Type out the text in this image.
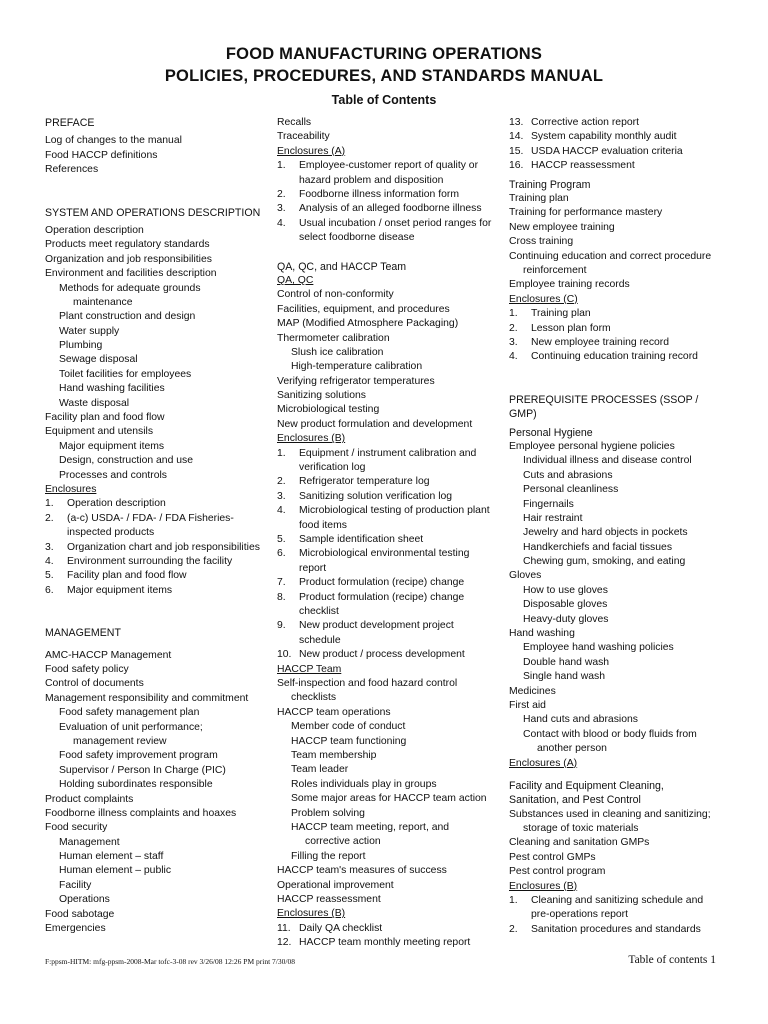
FOOD MANUFACTURING OPERATIONS
POLICIES, PROCEDURES, AND STANDARDS MANUAL
Table of Contents
PREFACE
Log of changes to the manual
Food HACCP definitions
References
SYSTEM AND OPERATIONS DESCRIPTION
Operation description
Products meet regulatory standards
Organization and job responsibilities
Environment and facilities description
Methods for adequate grounds
maintenance
Plant construction and design
Water supply
Plumbing
Sewage disposal
Toilet facilities for employees
Hand washing facilities
Waste disposal
Facility plan and food flow
Equipment and utensils
Major equipment items
Design, construction and use
Processes and controls
Enclosures
1.	Operation description
2.	(a-c) USDA- / FDA- / FDA Fisheries-
inspected products
3.	Organization chart and job responsibilities
4.	Environment surrounding the facility
5.	Facility plan and food flow
6.	Major equipment items
MANAGEMENT
AMC-HACCP Management
Food safety policy
Control of documents
Management responsibility and commitment
Food safety management plan
Evaluation of unit performance;
management review
Food safety improvement program
Supervisor / Person In Charge (PIC)
Holding subordinates responsible
Product complaints
Foodborne illness complaints and hoaxes
Food security
Management
Human element – staff
Human element – public
Facility
Operations
Food sabotage
Emergencies
Recalls
Traceability
Enclosures (A)
1.	Employee-customer report of quality or
hazard problem and disposition
2.	Foodborne illness information form
3.	Analysis of an alleged foodborne illness
4.	Usual incubation / onset period ranges for
select foodborne disease
QA, QC, and HACCP Team
QA, QC
Control of non-conformity
Facilities, equipment, and procedures
MAP (Modified Atmosphere Packaging)
Thermometer calibration
Slush ice calibration
High-temperature calibration
Verifying refrigerator temperatures
Sanitizing solutions
Microbiological testing
New product formulation and development
Enclosures (B)
1.	Equipment / instrument calibration and
verification log
2.	Refrigerator temperature log
3.	Sanitizing solution verification log
4.	Microbiological testing of production plant
food items
5.	Sample identification sheet
6.	Microbiological environmental testing
report
7.	Product formulation (recipe) change
8.	Product formulation (recipe) change
checklist
9.	New product development project
schedule
10. New product / process development
HACCP Team
Self-inspection and food hazard control
checklists
HACCP team operations
Member code of conduct
HACCP team functioning
Team membership
Team leader
Roles individuals play in groups
Some major areas for HACCP team action
Problem solving
HACCP team meeting, report, and
corrective action
Filling the report
HACCP team's measures of success
Operational improvement
HACCP reassessment
Enclosures (B)
11. Daily QA checklist
12. HACCP team monthly meeting report
13. Corrective action report
14. System capability monthly audit
15. USDA HACCP evaluation criteria
16. HACCP reassessment
Training Program
Training plan
Training for performance mastery
New employee training
Cross training
Continuing education and correct procedure
reinforcement
Employee training records
Enclosures (C)
1.	Training plan
2.	Lesson plan form
3.	New employee training record
4.	Continuing education training record
PREREQUISITE PROCESSES (SSOP /
GMP)
Personal Hygiene
Employee personal hygiene policies
Individual illness and disease control
Cuts and abrasions
Personal cleanliness
Fingernails
Hair restraint
Jewelry and hard objects in pockets
Handkerchiefs and facial tissues
Chewing gum, smoking, and eating
Gloves
How to use gloves
Disposable gloves
Heavy-duty gloves
Hand washing
Employee hand washing policies
Double hand wash
Single hand wash
Medicines
First aid
Hand cuts and abrasions
Contact with blood or body fluids from
another person
Enclosures (A)
Facility and Equipment Cleaning,
Sanitation, and Pest Control
Substances used in cleaning and sanitizing;
storage of toxic materials
Cleaning and sanitation GMPs
Pest control GMPs
Pest control program
Enclosures (B)
1.	Cleaning and sanitizing schedule and
pre-operations report
2.	Sanitation procedures and standards
F:ppsm-HITM: mfg-ppsm-2008-Mar tofc-3-08 rev 3/26/08 12:26 PM print 7/30/08	Table of contents 1
